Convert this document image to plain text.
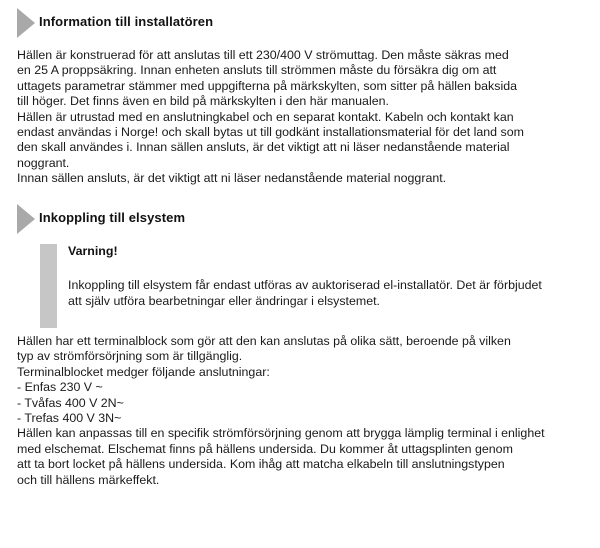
Information till installatören
Hällen är konstruerad för att anslutas till ett 230/400 V strömuttag. Den måste säkras med
en 25 A proppsäkring. Innan enheten ansluts till strömmen måste du försäkra dig om att
uttagets parametrar stämmer med uppgifterna på märkskylten, som sitter på hällen baksida
till höger. Det finns även en bild på märkskylten i den här manualen.
Hällen är utrustad med en anslutningkabel och en separat kontakt. Kabeln och kontakt kan
endast användas i Norge! och skall bytas ut till godkänt installationsmaterial för det land som
den skall användes i. Innan sällen ansluts, är det viktigt att ni läser nedanstående material
noggrant.
Innan sällen ansluts, är det viktigt att ni läser nedanstående material noggrant.
Inkoppling till elsystem
Varning!
Inkoppling till elsystem får endast utföras av auktoriserad el-installatör. Det är förbjudet
att själv utföra bearbetningar eller ändringar i elsystemet.
Hällen har ett terminalblock som gör att den kan anslutas på olika sätt, beroende på vilken
typ av strömförsörjning som är tillgänglig.
Terminalblocket medger följande anslutningar:
- Enfas 230 V ~
- Tvåfas 400 V 2N~
- Trefas 400 V 3N~
Hällen kan anpassas till en specifik strömförsörjning genom att brygga lämplig terminal i enlighet
med elschemat. Elschemat finns på hällens undersida. Du kommer åt uttagsplinten genom
att ta bort locket på hällens undersida. Kom ihåg att matcha elkabeln till anslutningstypen
och till hällens märkeffekt.
